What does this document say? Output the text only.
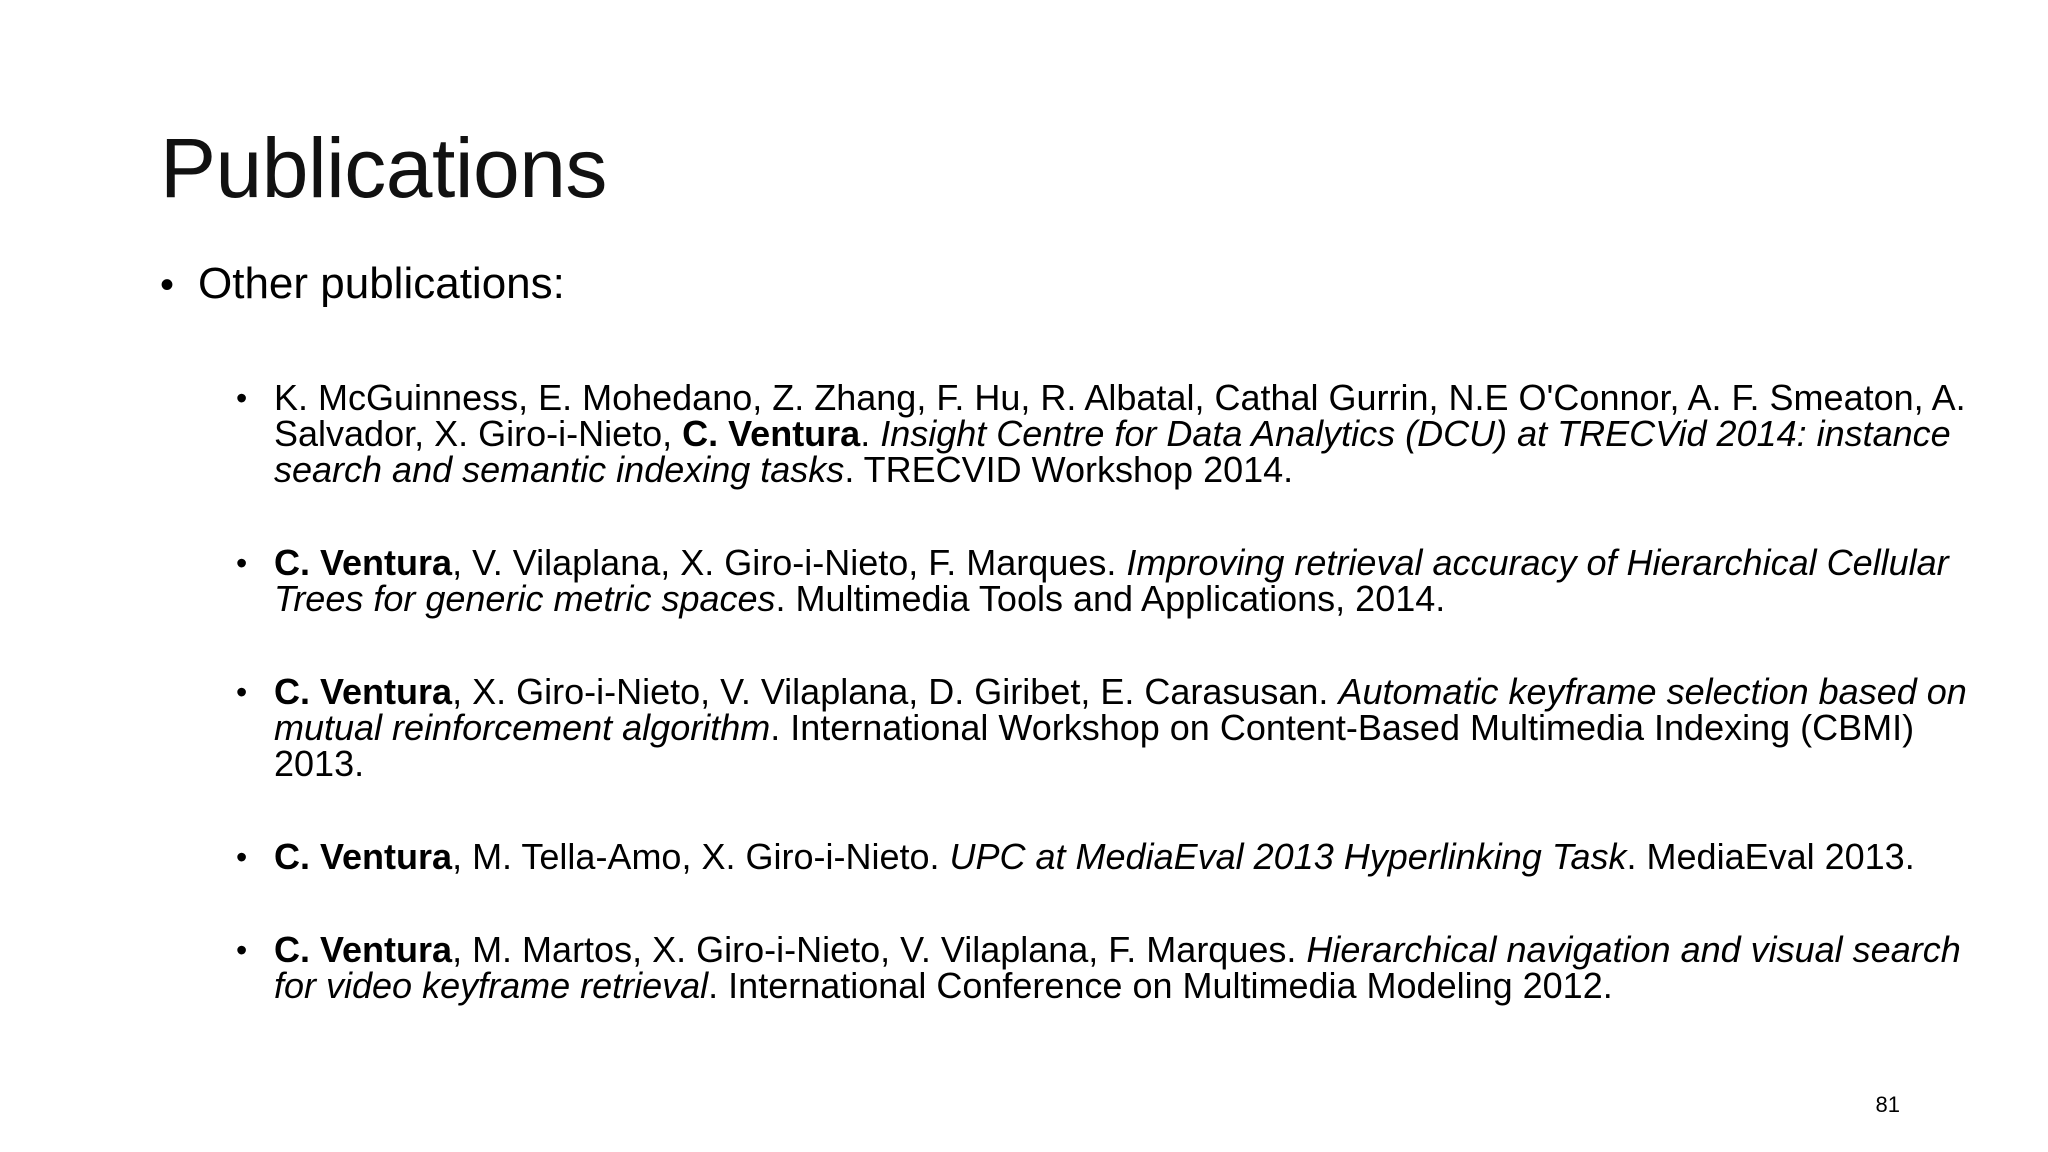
Publications
• Other publications:
• K. McGuinness, E. Mohedano, Z. Zhang, F. Hu, R. Albatal, Cathal Gurrin, N.E O'Connor, A. F. Smeaton, A. Salvador, X. Giro-i-Nieto, C. Ventura. Insight Centre for Data Analytics (DCU) at TRECVid 2014: instance search and semantic indexing tasks. TRECVID Workshop 2014.
• C. Ventura, V. Vilaplana, X. Giro-i-Nieto, F. Marques. Improving retrieval accuracy of Hierarchical Cellular Trees for generic metric spaces. Multimedia Tools and Applications, 2014.
• C. Ventura, X. Giro-i-Nieto, V. Vilaplana, D. Giribet, E. Carasusan. Automatic keyframe selection based on mutual reinforcement algorithm. International Workshop on Content-Based Multimedia Indexing (CBMI) 2013.
• C. Ventura, M. Tella-Amo, X. Giro-i-Nieto. UPC at MediaEval 2013 Hyperlinking Task. MediaEval 2013.
• C. Ventura, M. Martos, X. Giro-i-Nieto, V. Vilaplana, F. Marques. Hierarchical navigation and visual search for video keyframe retrieval. International Conference on Multimedia Modeling 2012.
81
